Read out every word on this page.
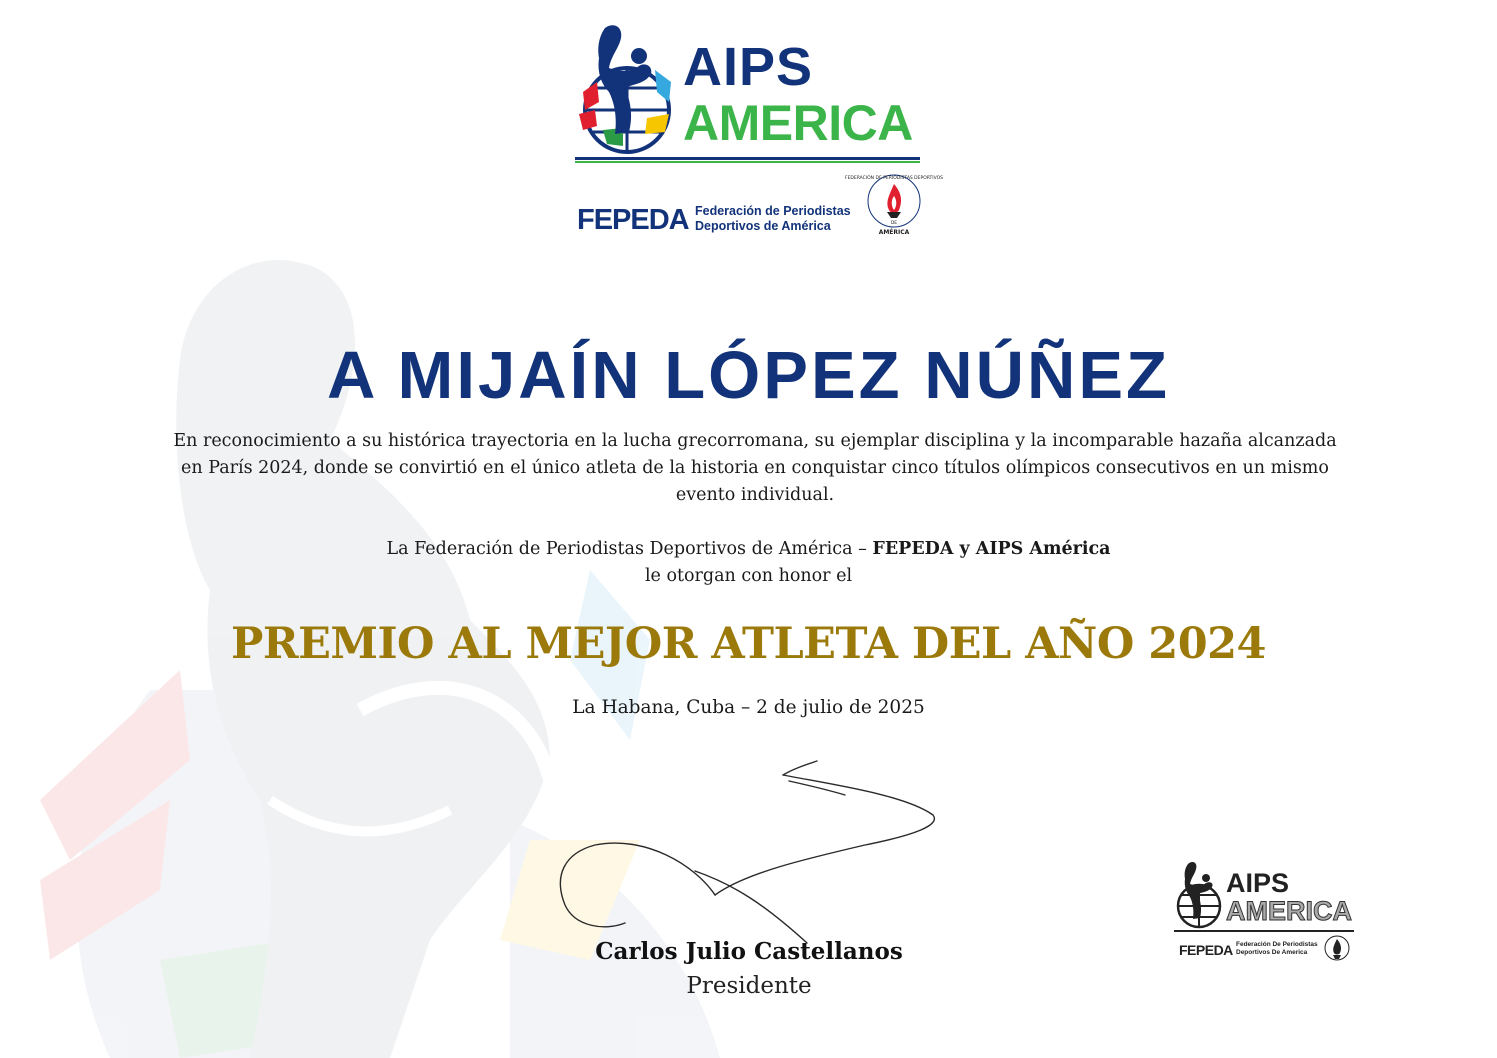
AIPS
AMERICA
FEPEDA Federación de Periodistas
Deportivos de América
FEDERACIÓN DE PERIODISTAS DEPORTIVOS
DE
AMÉRICA
A MIJAÍN LÓPEZ NÚÑEZ
En reconocimiento a su histórica trayectoria en la lucha grecorromana, su ejemplar disciplina y la incomparable hazaña alcanzada
en París 2024, donde se convirtió en el único atleta de la historia en conquistar cinco títulos olímpicos consecutivos en un mismo
evento individual.
La Federación de Periodistas Deportivos de América – FEPEDA y AIPS América
le otorgan con honor el
PREMIO AL MEJOR ATLETA DEL AÑO 2024
La Habana, Cuba – 2 de julio de 2025
Carlos Julio Castellanos
Presidente
AIPS
AMERICA
FEPEDA Federación De Periodistas
Deportivos De America
